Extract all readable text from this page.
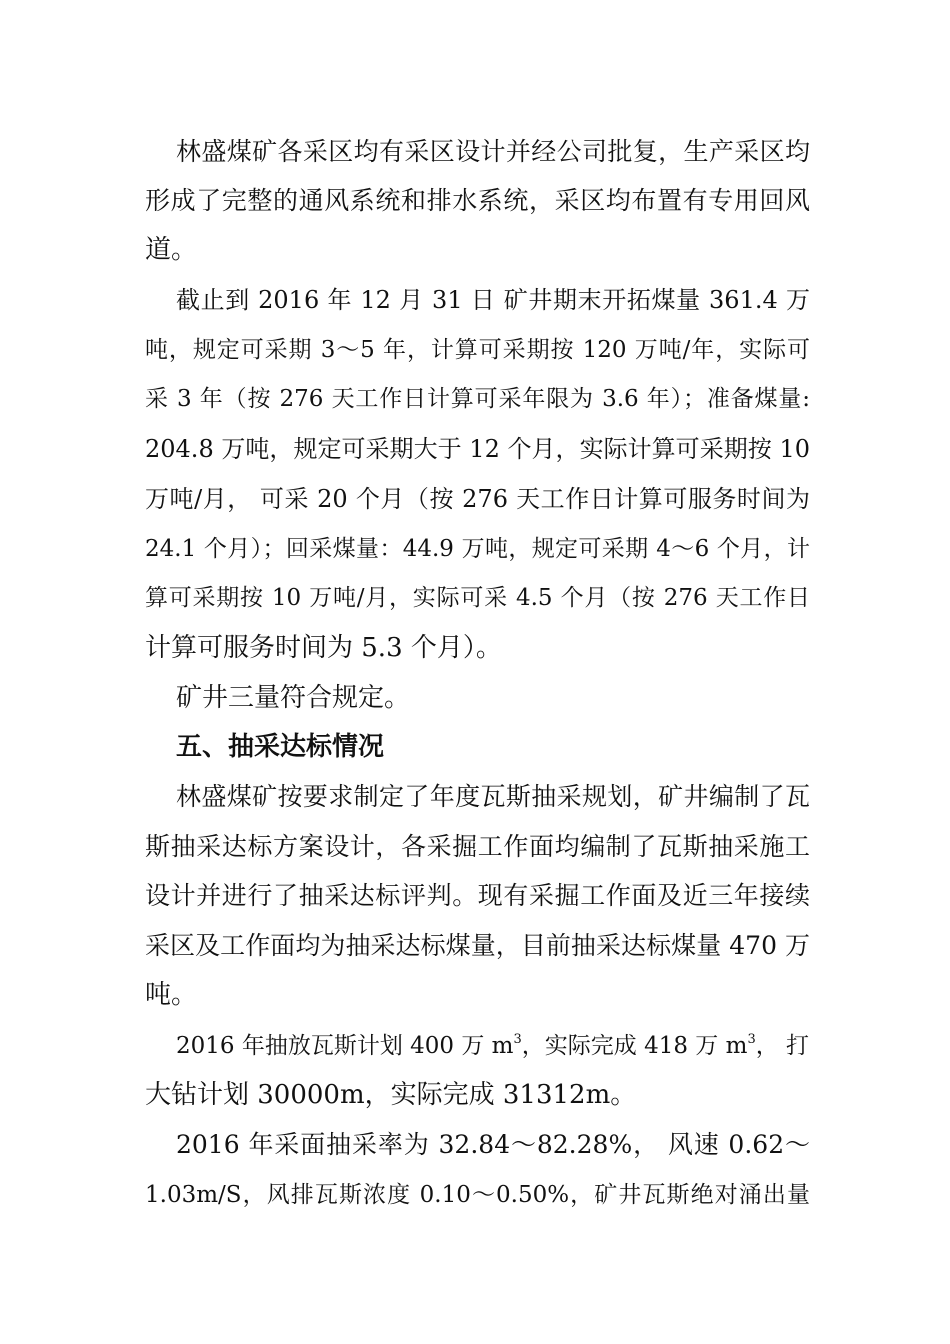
林盛煤矿各采区均有采区设计并经公司批复，生产采区均
形成了完整的通风系统和排水系统，采区均布置有专用回风
道。
截止到 2016 年 12 月 31 日 矿井期末开拓煤量 361.4 万
吨，规定可采期 3～5 年，计算可采期按 120 万吨/年，实际可
采 3 年（按 276 天工作日计算可采年限为 3.6 年）；准备煤量:
204.8 万吨，规定可采期大于 12 个月，实际计算可采期按 10
万吨/月， 可采 20 个月（按 276 天工作日计算可服务时间为
24.1 个月）；回采煤量：44.9 万吨，规定可采期 4～6 个月，计
算可采期按 10 万吨/月，实际可采 4.5 个月（按 276 天工作日
计算可服务时间为 5.3 个月）。
矿井三量符合规定。
五、抽采达标情况
林盛煤矿按要求制定了年度瓦斯抽采规划，矿井编制了瓦
斯抽采达标方案设计，各采掘工作面均编制了瓦斯抽采施工
设计并进行了抽采达标评判。现有采掘工作面及近三年接续
采区及工作面均为抽采达标煤量，目前抽采达标煤量 470 万
吨。
2016 年抽放瓦斯计划 400 万 $m^3$，实际完成 418 万 $m^3$， 打
大钻计划 30000m，实际完成 31312m。
2016 年采面抽采率为 32.84～82.28%， 风速 0.62～
1.03m/S，风排瓦斯浓度 0.10～0.50%，矿井瓦斯绝对涌出量
